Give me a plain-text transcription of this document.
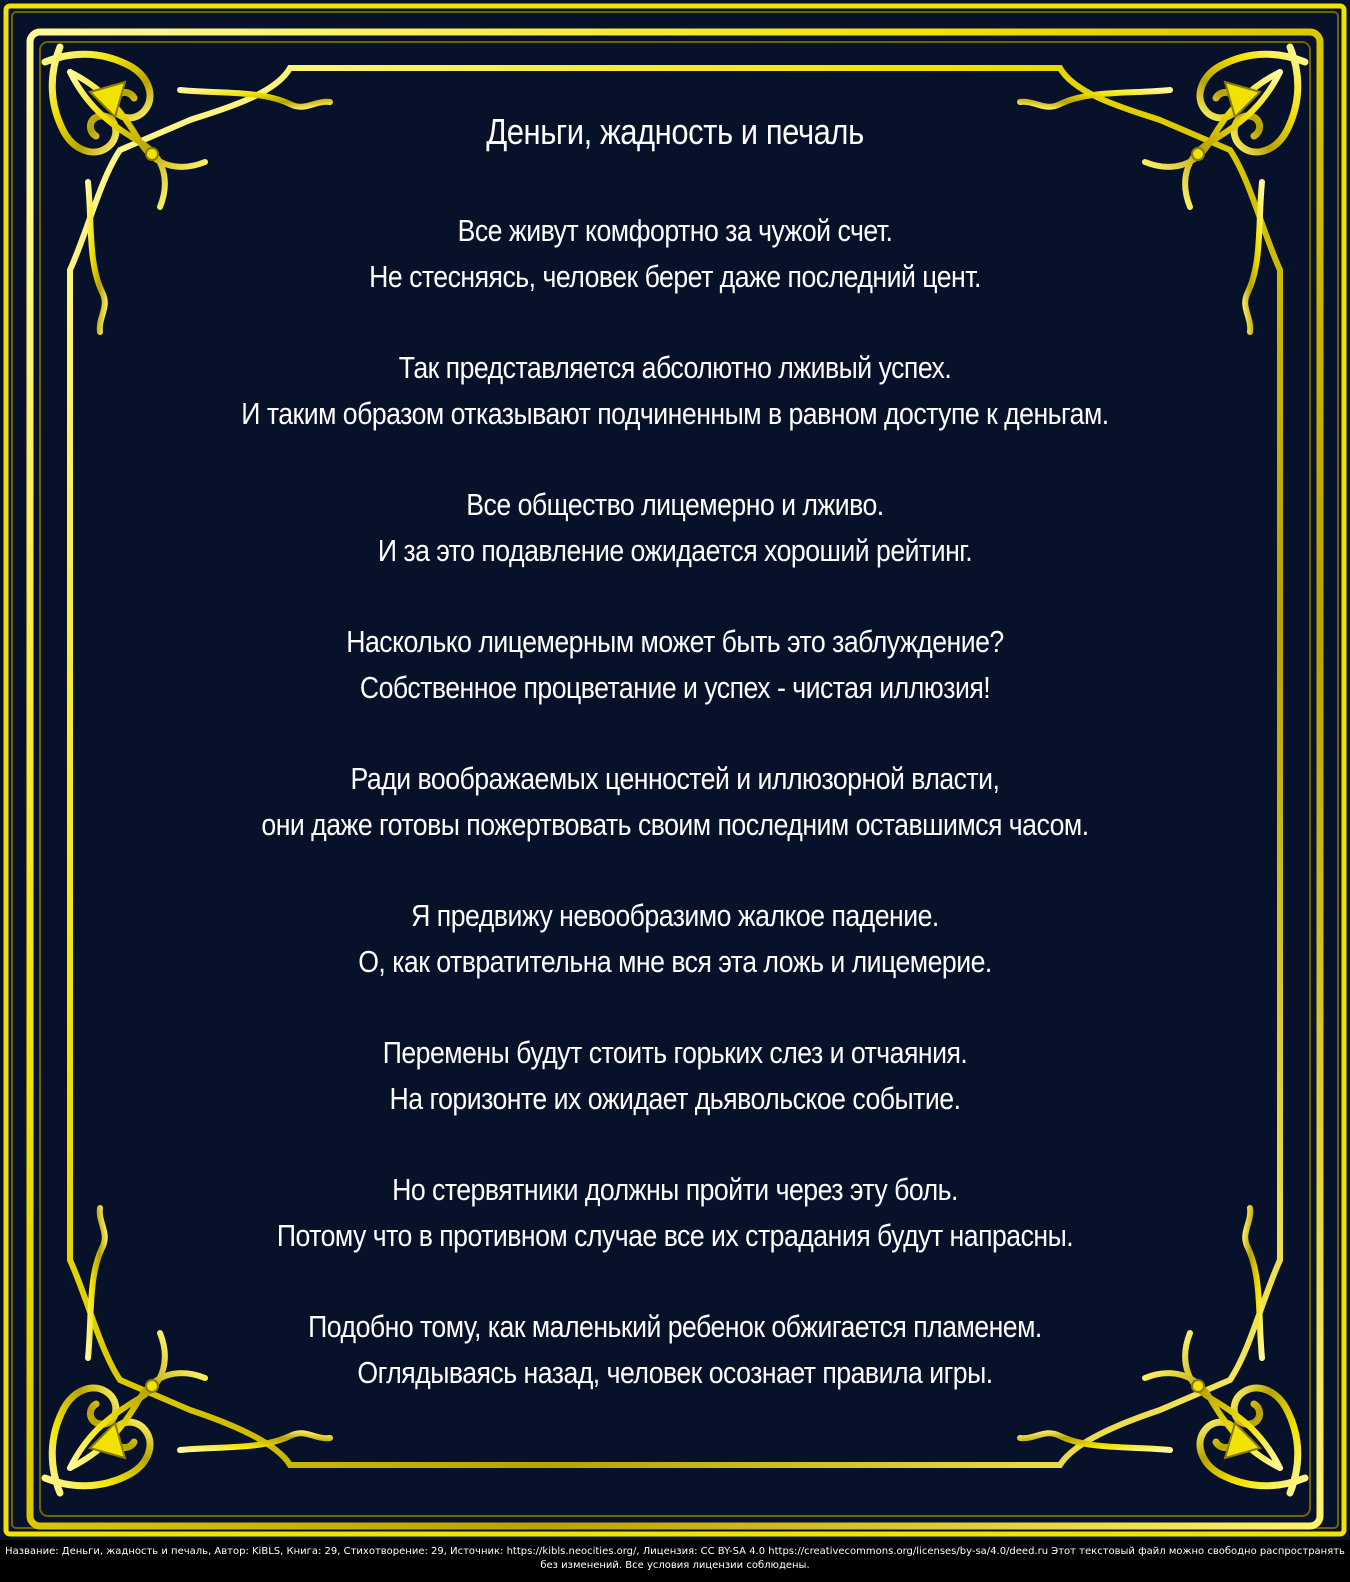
Деньги, жадность и печаль
Все живут комфортно за чужой счет.
Не стесняясь, человек берет даже последний цент.
Так представляется абсолютно лживый успех.
И таким образом отказывают подчиненным в равном доступе к деньгам.
Все общество лицемерно и лживо.
И за это подавление ожидается хороший рейтинг.
Насколько лицемерным может быть это заблуждение?
Собственное процветание и успех - чистая иллюзия!
Ради воображаемых ценностей и иллюзорной власти,
они даже готовы пожертвовать своим последним оставшимся часом.
Я предвижу невообразимо жалкое падение.
О, как отвратительна мне вся эта ложь и лицемерие.
Перемены будут стоить горьких слез и отчаяния.
На горизонте их ожидает дьявольское событие.
Но стервятники должны пройти через эту боль.
Потому что в противном случае все их страдания будут напрасны.
Подобно тому, как маленький ребенок обжигается пламенем.
Оглядываясь назад, человек осознает правила игры.
Название: Деньги, жадность и печаль, Автор: KiBLS, Книга: 29, Стихотворение: 29, Источник: https://kibls.neocities.org/, Лицензия: CC BY-SA 4.0 https://creativecommons.org/licenses/by-sa/4.0/deed.ru Этот текстовый файл можно свободно распространять
без изменений. Все условия лицензии соблюдены.
